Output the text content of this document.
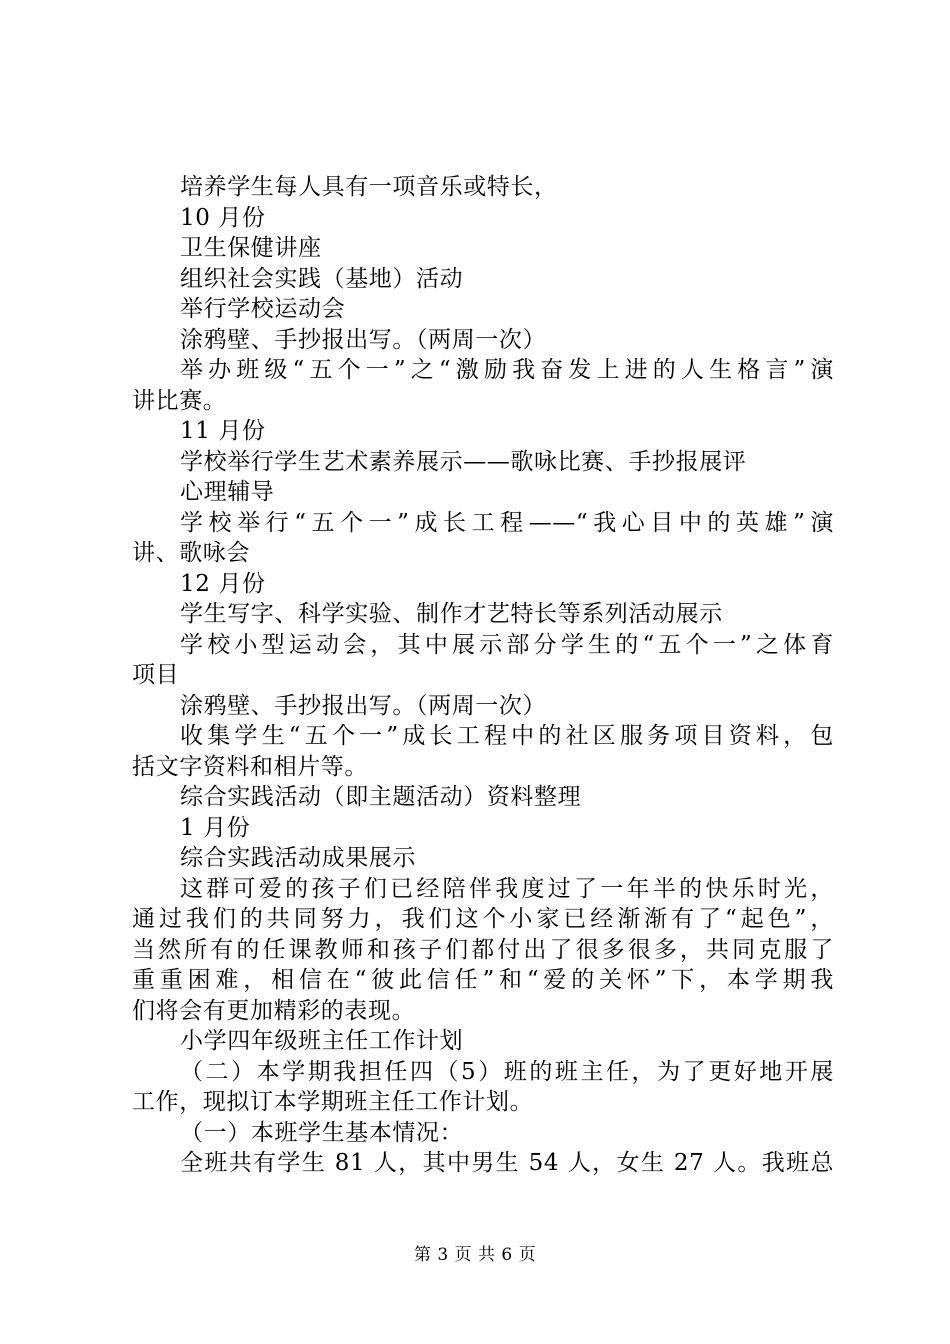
培养学生每人具有一项音乐或特长，
10 月份
卫生保健讲座
组织社会实践（基地）活动
举行学校运动会
涂鸦壁、手抄报出写。（两周一次）
举办班级“五个一”之“激励我奋发上进的人生格言”演
讲比赛。
11 月份
学校举行学生艺术素养展示——歌咏比赛、手抄报展评
心理辅导
学校举行“五个一”成长工程——“我心目中的英雄”演
讲、歌咏会
12 月份
学生写字、科学实验、制作才艺特长等系列活动展示
学校小型运动会，其中展示部分学生的“五个一”之体育
项目
涂鸦壁、手抄报出写。（两周一次）
收集学生“五个一”成长工程中的社区服务项目资料，包
括文字资料和相片等。
综合实践活动（即主题活动）资料整理
1 月份
综合实践活动成果展示
这群可爱的孩子们已经陪伴我度过了一年半的快乐时光，
通过我们的共同努力，我们这个小家已经渐渐有了“起色”，
当然所有的任课教师和孩子们都付出了很多很多，共同克服了
重重困难，相信在“彼此信任”和“爱的关怀”下，本学期我
们将会有更加精彩的表现。
小学四年级班主任工作计划
（二）本学期我担任四（5）班的班主任，为了更好地开展
工作，现拟订本学期班主任工作计划。
（一）本班学生基本情况：
全班共有学生 81 人，其中男生 54 人，女生 27 人。我班总
第 3 页 共 6 页
